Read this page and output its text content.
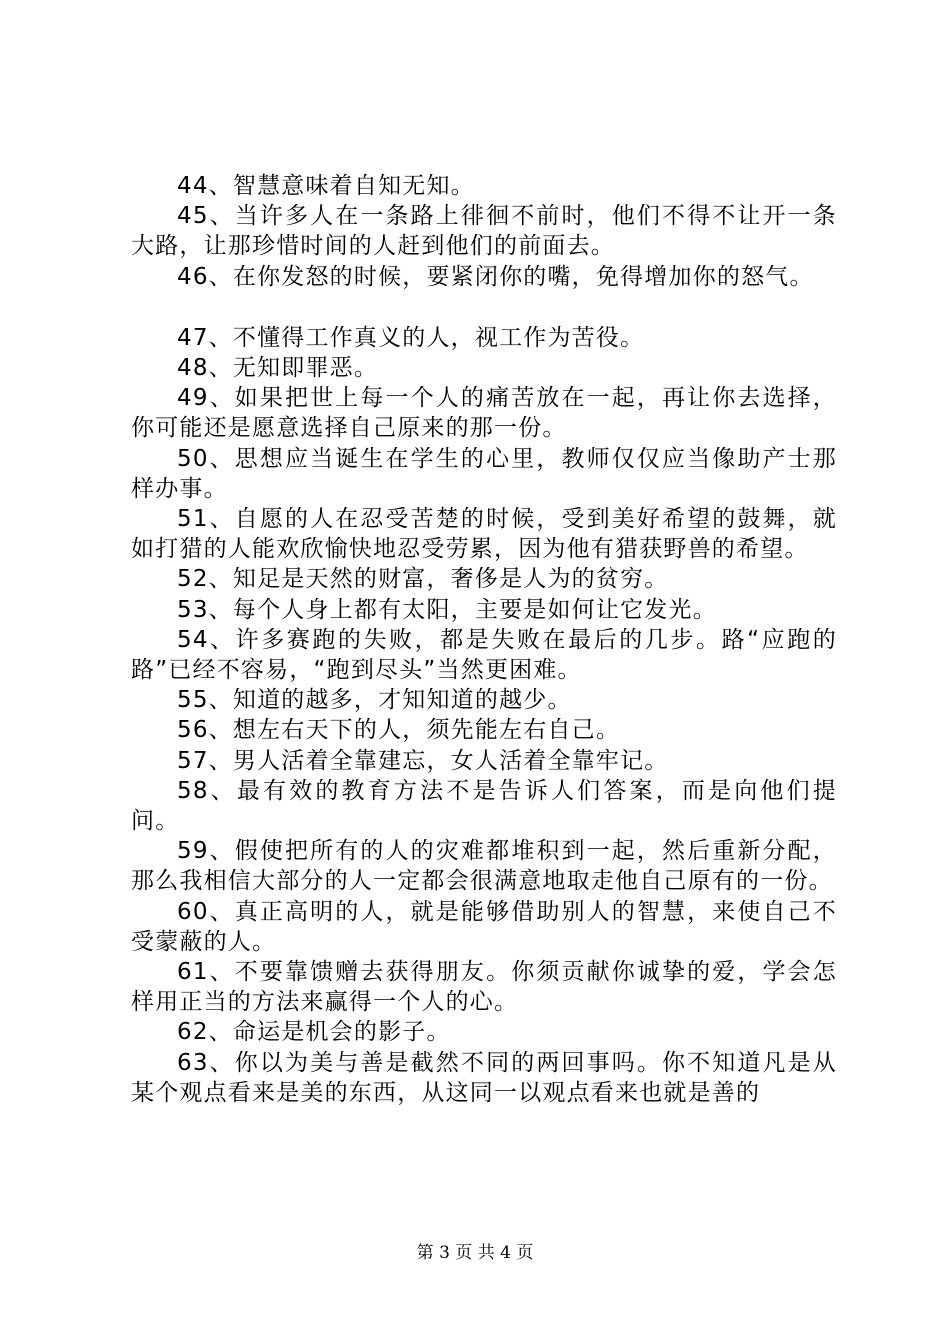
44、智慧意味着自知无知。

45、当许多人在一条路上徘徊不前时，他们不得不让开一条大路，让那珍惜时间的人赶到他们的前面去。

46、在你发怒的时候，要紧闭你的嘴，免得增加你的怒气。

47、不懂得工作真义的人，视工作为苦役。

48、无知即罪恶。

49、如果把世上每一个人的痛苦放在一起，再让你去选择，你可能还是愿意选择自己原来的那一份。

50、思想应当诞生在学生的心里，教师仅仅应当像助产士那样办事。

51、自愿的人在忍受苦楚的时候，受到美好希望的鼓舞，就如打猎的人能欢欣愉快地忍受劳累，因为他有猎获野兽的希望。

52、知足是天然的财富，奢侈是人为的贫穷。

53、每个人身上都有太阳，主要是如何让它发光。

54、许多赛跑的失败，都是失败在最后的几步。路“应跑的路”已经不容易，“跑到尽头”当然更困难。

55、知道的越多，才知知道的越少。

56、想左右天下的人，须先能左右自己。

57、男人活着全靠建忘，女人活着全靠牢记。

58、最有效的教育方法不是告诉人们答案，而是向他们提问。

59、假使把所有的人的灾难都堆积到一起，然后重新分配，那么我相信大部分的人一定都会很满意地取走他自己原有的一份。

60、真正高明的人，就是能够借助别人的智慧，来使自己不受蒙蔽的人。

61、不要靠馈赠去获得朋友。你须贡献你诚挚的爱，学会怎样用正当的方法来赢得一个人的心。

62、命运是机会的影子。

63、你以为美与善是截然不同的两回事吗。你不知道凡是从某个观点看来是美的东西，从这同一以观点看来也就是善的

第 3 页 共 4 页
